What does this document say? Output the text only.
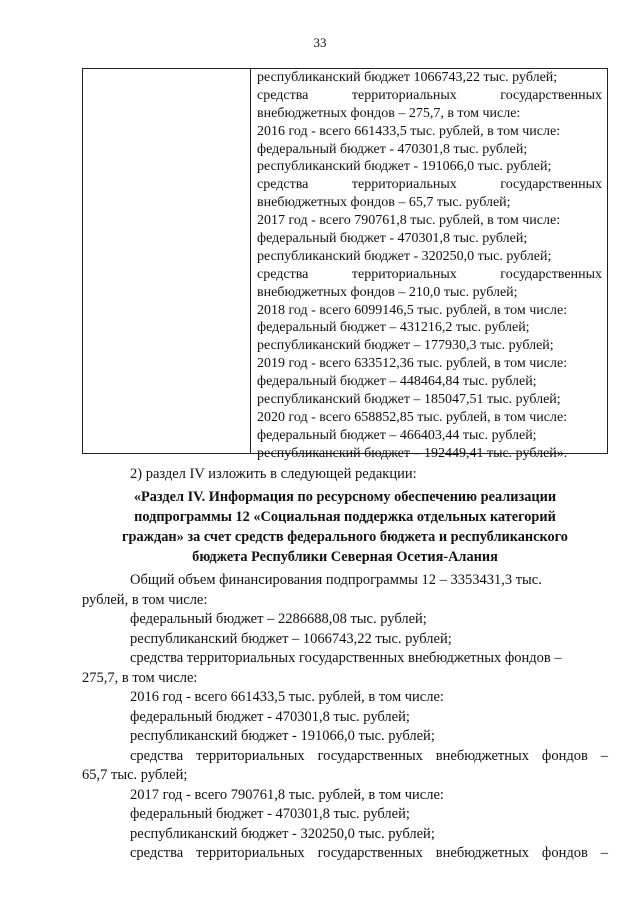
33
республиканский бюджет 1066743,22 тыс. рублей;
средства	территориальных	государственных
внебюджетных фондов – 275,7, в том числе:
2016 год - всего 661433,5 тыс. рублей, в том числе:
федеральный бюджет - 470301,8 тыс. рублей;
республиканский бюджет - 191066,0 тыс. рублей;
средства	территориальных	государственных
внебюджетных фондов – 65,7 тыс. рублей;
2017 год - всего 790761,8 тыс. рублей, в том числе:
федеральный бюджет - 470301,8 тыс. рублей;
республиканский бюджет - 320250,0 тыс. рублей;
средства	территориальных	государственных
внебюджетных фондов – 210,0 тыс. рублей;
2018 год - всего 6099146,5 тыс. рублей, в том числе:
федеральный бюджет – 431216,2 тыс. рублей;
республиканский бюджет – 177930,3 тыс. рублей;
2019 год - всего 633512,36 тыс. рублей, в том числе:
федеральный бюджет – 448464,84 тыс. рублей;
республиканский бюджет – 185047,51 тыс. рублей;
2020 год - всего 658852,85 тыс. рублей, в том числе:
федеральный бюджет – 466403,44 тыс. рублей;
республиканский бюджет – 192449,41 тыс. рублей».
2) раздел IV изложить в следующей редакции:
«Раздел IV. Информация по ресурсному обеспечению реализации
подпрограммы 12 «Социальная поддержка отдельных категорий
граждан» за счет средств федерального бюджета и республиканского
бюджета Республики Северная Осетия-Алания
Общий объем финансирования подпрограммы 12 – 3353431,3 тыс.
рублей, в том числе:
федеральный бюджет – 2286688,08 тыс. рублей;
республиканский бюджет – 1066743,22 тыс. рублей;
средства территориальных государственных внебюджетных фондов –
275,7, в том числе:
2016 год - всего 661433,5 тыс. рублей, в том числе:
федеральный бюджет - 470301,8 тыс. рублей;
республиканский бюджет - 191066,0 тыс. рублей;
средства территориальных государственных внебюджетных фондов –
65,7 тыс. рублей;
2017 год - всего 790761,8 тыс. рублей, в том числе:
федеральный бюджет - 470301,8 тыс. рублей;
республиканский бюджет - 320250,0 тыс. рублей;
средства территориальных государственных внебюджетных фондов –
